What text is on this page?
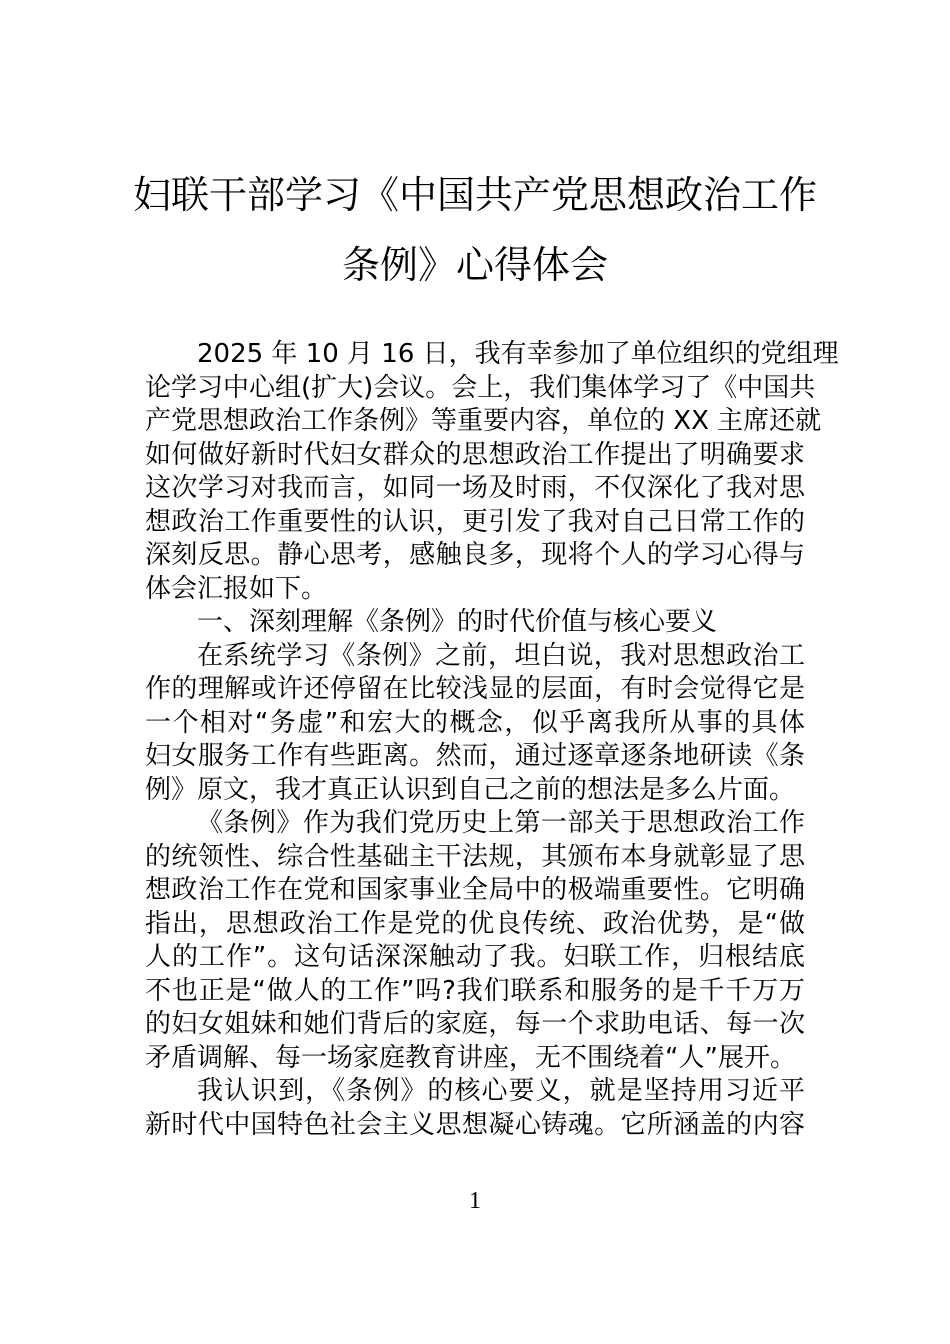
妇联干部学习《中国共产党思想政治工作
条例》心得体会
2025 年 10 月 16 日，我有幸参加了单位组织的党组理
论学习中心组(扩大)会议。会上，我们集体学习了《中国共
产党思想政治工作条例》等重要内容，单位的 XX 主席还就
如何做好新时代妇女群众的思想政治工作提出了明确要求
这次学习对我而言，如同一场及时雨，不仅深化了我对思
想政治工作重要性的认识，更引发了我对自己日常工作的
深刻反思。静心思考，感触良多，现将个人的学习心得与
体会汇报如下。
一、深刻理解《条例》的时代价值与核心要义
在系统学习《条例》之前，坦白说，我对思想政治工
作的理解或许还停留在比较浅显的层面，有时会觉得它是
一个相对“务虚”和宏大的概念，似乎离我所从事的具体
妇女服务工作有些距离。然而，通过逐章逐条地研读《条
例》原文，我才真正认识到自己之前的想法是多么片面。
《条例》作为我们党历史上第一部关于思想政治工作
的统领性、综合性基础主干法规，其颁布本身就彰显了思
想政治工作在党和国家事业全局中的极端重要性。它明确
指出，思想政治工作是党的优良传统、政治优势，是“做
人的工作”。这句话深深触动了我。妇联工作，归根结底
不也正是“做人的工作”吗?我们联系和服务的是千千万万
的妇女姐妹和她们背后的家庭，每一个求助电话、每一次
矛盾调解、每一场家庭教育讲座，无不围绕着“人”展开。
我认识到，《条例》的核心要义，就是坚持用习近平
新时代中国特色社会主义思想凝心铸魂。它所涵盖的内容
1
